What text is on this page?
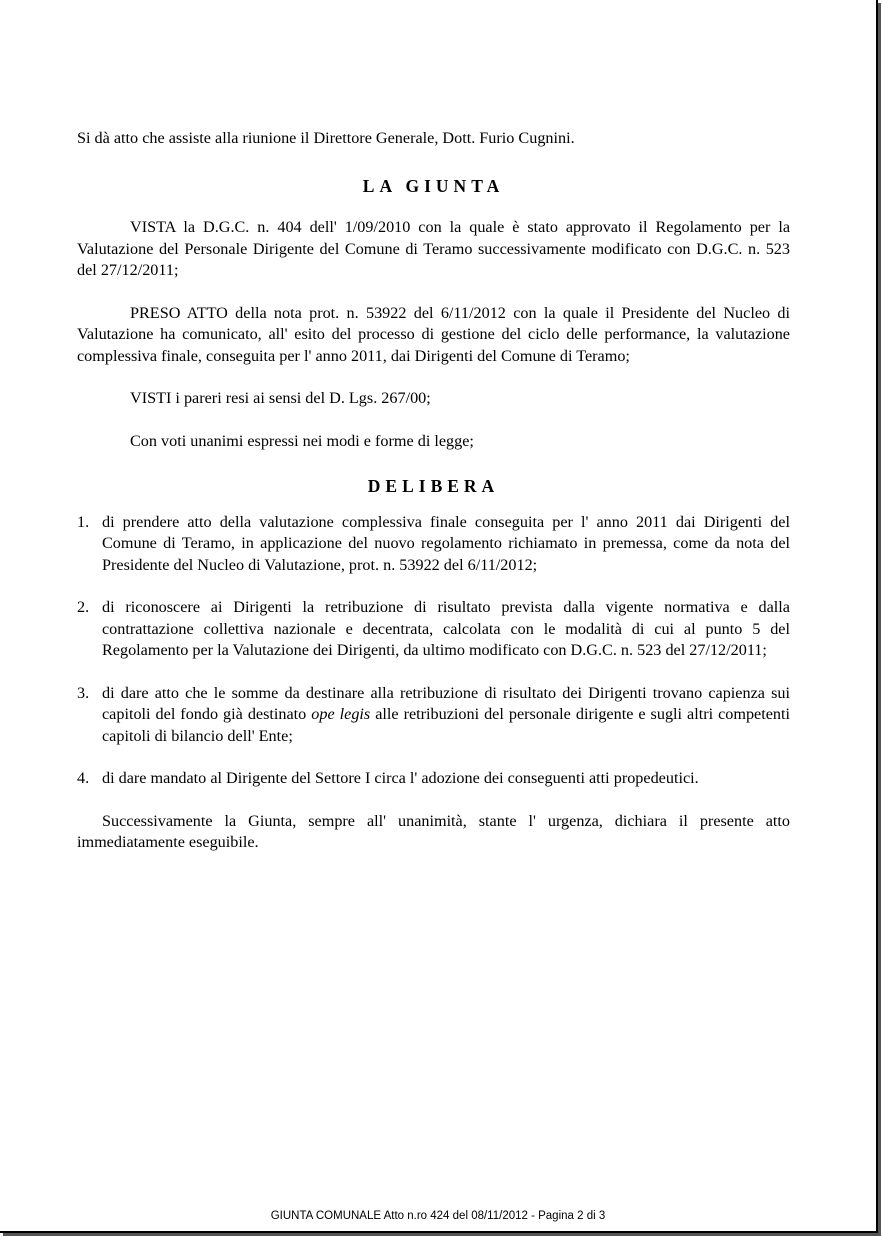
Si dà atto che assiste alla riunione il Direttore Generale, Dott. Furio Cugnini.

LA GIUNTA

VISTA la D.G.C. n. 404 dell' 1/09/2010 con la quale è stato approvato il Regolamento per la Valutazione del Personale Dirigente del Comune di Teramo successivamente modificato con D.G.C. n. 523 del 27/12/2011;

PRESO ATTO della nota prot. n. 53922 del 6/11/2012 con la quale il Presidente del Nucleo di Valutazione ha comunicato, all' esito del processo di gestione del ciclo delle performance, la valutazione complessiva finale, conseguita per l' anno 2011, dai Dirigenti del Comune di Teramo;

VISTI i pareri resi ai sensi del D. Lgs. 267/00;

Con voti unanimi espressi nei modi e forme di legge;

DELIBERA
1. di prendere atto della valutazione complessiva finale conseguita per l' anno 2011 dai Dirigenti del Comune di Teramo, in applicazione del nuovo regolamento richiamato in premessa, come da nota del Presidente del Nucleo di Valutazione, prot. n. 53922 del 6/11/2012;
2. di riconoscere ai Dirigenti la retribuzione di risultato prevista dalla vigente normativa e dalla contrattazione collettiva nazionale e decentrata, calcolata con le modalità di cui al punto 5 del Regolamento per la Valutazione dei Dirigenti, da ultimo modificato con D.G.C. n. 523 del 27/12/2011;
3. di dare atto che le somme da destinare alla retribuzione di risultato dei Dirigenti trovano capienza sui capitoli del fondo già destinato ope legis alle retribuzioni del personale dirigente e sugli altri competenti capitoli di bilancio dell' Ente;
4. di dare mandato al Dirigente del Settore I circa l' adozione dei conseguenti atti propedeutici.

Successivamente la Giunta, sempre all' unanimità, stante l' urgenza, dichiara il presente atto immediatamente eseguibile.

GIUNTA COMUNALE Atto n.ro 424 del 08/11/2012 - Pagina 2 di 3
